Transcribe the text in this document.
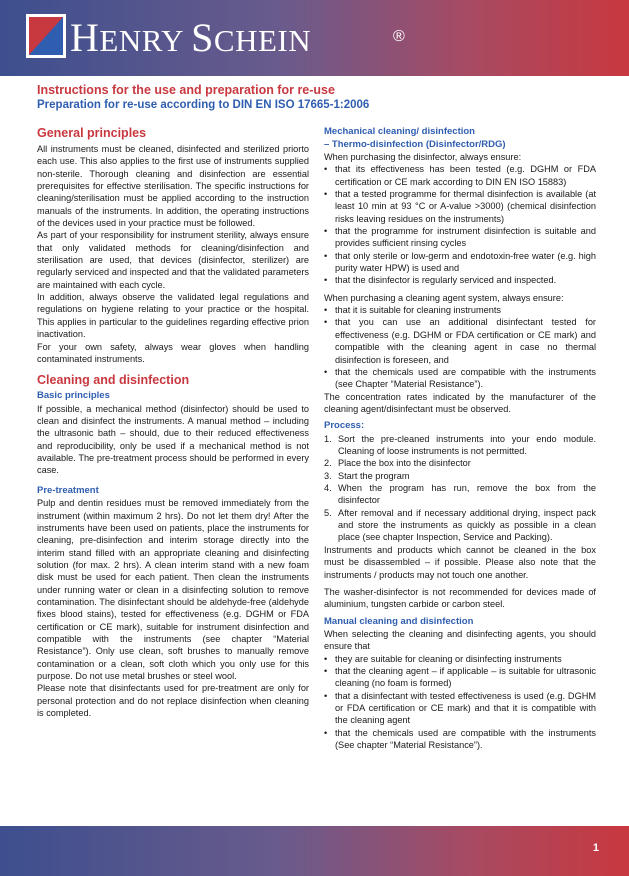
HENRY SCHEIN	®
Instructions for the use and preparation for re-use
Preparation for re-use according to DIN EN ISO 17665-1:2006
General principles

All instruments must be cleaned, disinfected and sterilized priorto each use. This also applies to the first use of instruments supplied non-sterile. Thorough cleaning and disinfection are essential prerequisites for effective sterilisation. The specific instructions for cleaning/sterilisation must be applied according to the instruction manuals of the instruments. In addition, the operating instructions of the devices used in your practice must be followed.

As part of your responsibility for instrument sterility, always ensure that only validated methods for cleaning/disinfection and sterilisation are used, that devices (disinfector, sterilizer) are regularly serviced and inspected and that the validated parameters are maintained with each cycle.

In addition, always observe the validated legal regulations and regulations on hygiene relating to your practice or the hospital. This applies in particular to the guidelines regarding effective prion inactivation.

For your own safety, always wear gloves when handling contaminated instruments.

Cleaning and disinfection
Basic principles

If possible, a mechanical method (disinfector) should be used to clean and disinfect the instruments. A manual method – including the ultrasonic bath – should, due to their reduced effectiveness and reproducibility, only be used if a mechanical method is not available. The pre-treatment process should be performed in every case.

Pre-treatment

Pulp and dentin residues must be removed immediately from the instrument (within maximum 2 hrs). Do not let them dry! After the instruments have been used on patients, place the instruments for cleaning, pre-disinfection and interim storage directly into the interim stand filled with an appropriate cleaning and disinfecting solution (for max. 2 hrs). A clean interim stand with a new foam disk must be used for each patient. Then clean the instruments under running water or clean in a disinfecting solution to remove contamination. The disinfectant should be aldehyde-free (aldehyde fixes blood stains), tested for effectiveness (e.g. DGHM or FDA certification or CE mark), suitable for instrument disinfection and compatible with the instruments (see chapter “Material Resistance”). Only use clean, soft brushes to manually remove contamination or a clean, soft cloth which you only use for this purpose. Do not use metal brushes or steel wool.

Please note that disinfectants used for pre-treatment are only for personal protection and do not replace disinfection when cleaning is completed.

Mechanical cleaning/ disinfection
– Thermo-disinfection (Disinfector/RDG)

When purchasing the disinfector, always ensure:

• that its effectiveness has been tested (e.g. DGHM or FDA certification or CE mark according to DIN EN ISO 15883)
• that a tested programme for thermal disinfection is available (at least 10 min at 93 °C or A-value >3000) (chemical disinfection risks leaving residues on the instruments)
• that the programme for instrument disinfection is suitable and provides sufficient rinsing cycles
• that only sterile or low-germ and endotoxin-free water (e.g. high purity water HPW) is used and
• that the disinfector is regularly serviced and inspected.

When purchasing a cleaning agent system, always ensure:

• that it is suitable for cleaning instruments
• that you can use an additional disinfectant tested for effectiveness (e.g. DGHM or FDA certification or CE mark) and compatible with the cleaning agent in case no thermal disinfection is foreseen, and
• that the chemicals used are compatible with the instruments (see Chapter “Material Resistance”).

The concentration rates indicated by the manufacturer of the cleaning agent/disinfectant must be observed.

Process:
1. Sort the pre-cleaned instruments into your endo module. Cleaning of loose instruments is not permitted.
2. Place the box into the disinfector
3. Start the program
4. When the program has run, remove the box from the disinfector
5. After removal and if necessary additional drying, inspect pack and store the instruments as quickly as possible in a clean place (see chapter Inspection, Service and Packing).

Instruments and products which cannot be cleaned in the box must be disassembled – if possible. Please also note that the instruments / products may not touch one another.

The washer-disinfector is not recommended for devices made of aluminium, tungsten carbide or carbon steel.

Manual cleaning and disinfection

When selecting the cleaning and disinfecting agents, you should ensure that

• they are suitable for cleaning or disinfecting instruments
• that the cleaning agent – if applicable – is suitable for ultrasonic cleaning (no foam is formed)
• that a disinfectant with tested effectiveness is used (e.g. DGHM or FDA certification or CE mark) and that it is compatible with the cleaning agent
• that the chemicals used are compatible with the instruments (See chapter “Material Resistance”).
1
